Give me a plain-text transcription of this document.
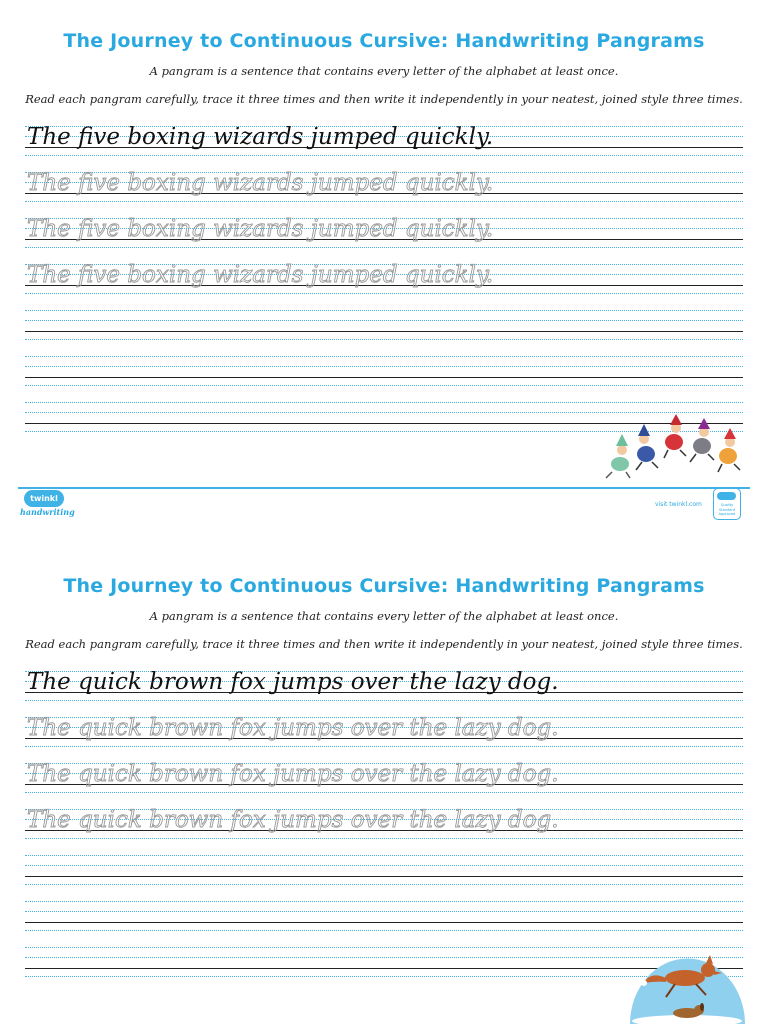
The Journey to Continuous Cursive: Handwriting Pangrams
A pangram is a sentence that contains every letter of the alphabet at least once.
Read each pangram carefully, trace it three times and then write it independently in your neatest, joined style three times.
The five boxing wizards jumped quickly.
The five boxing wizards jumped quickly.
The five boxing wizards jumped quickly.
The five boxing wizards jumped quickly.
twinkl
handwriting
visit twinkl.com	Quality Standard Approved
The Journey to Continuous Cursive: Handwriting Pangrams
A pangram is a sentence that contains every letter of the alphabet at least once.
Read each pangram carefully, trace it three times and then write it independently in your neatest, joined style three times.
The quick brown fox jumps over the lazy dog.
The quick brown fox jumps over the lazy dog.
The quick brown fox jumps over the lazy dog.
The quick brown fox jumps over the lazy dog.
